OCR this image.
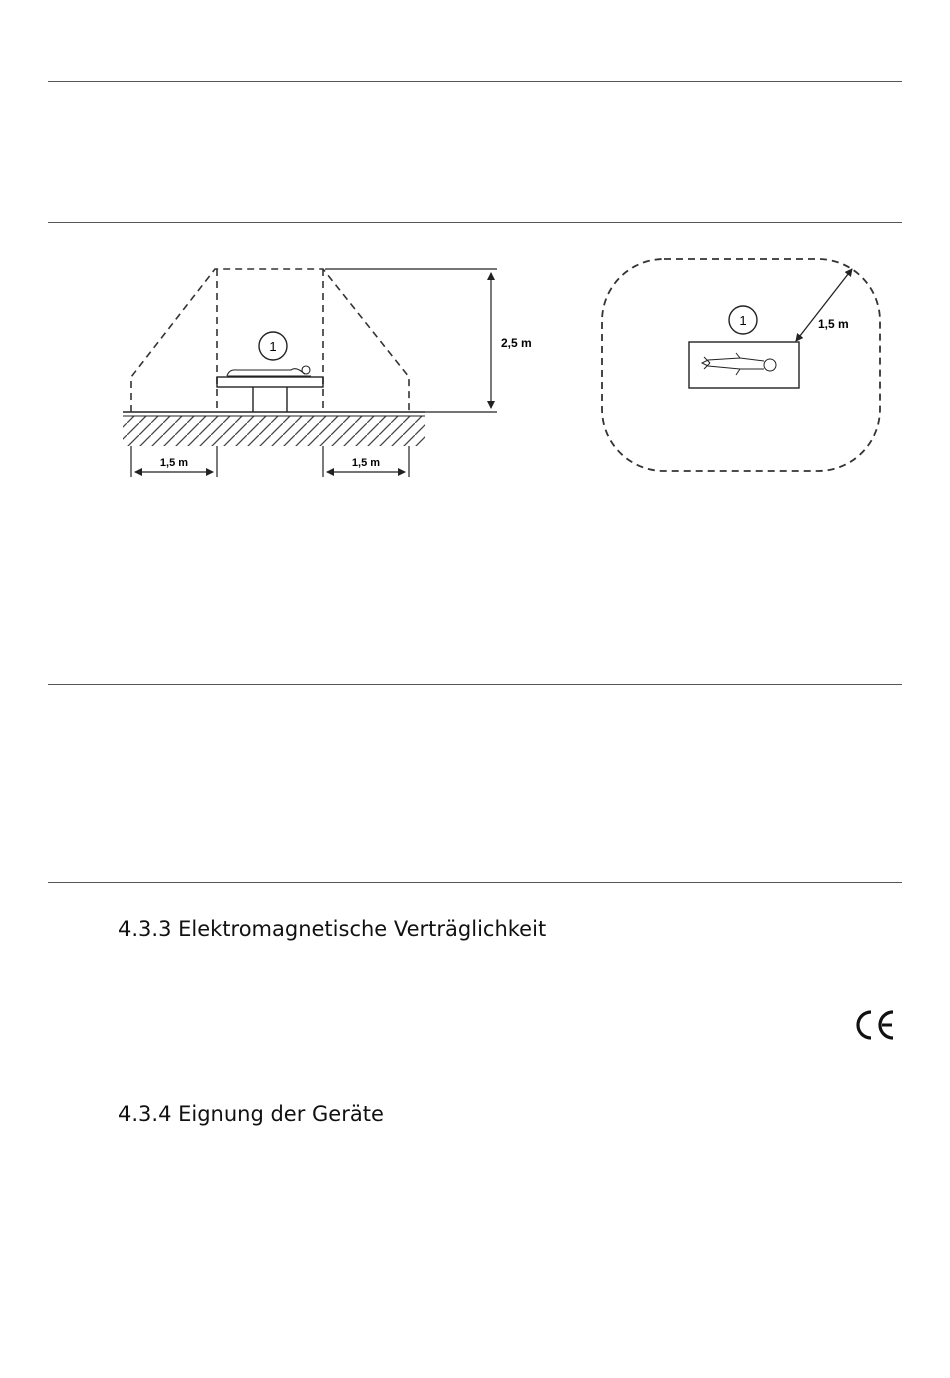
1	2,5 m
1,5 m	1,5 m
1	1,5 m
4.3.3 Elektromagnetische Verträglichkeit
4.3.4 Eignung der Geräte
